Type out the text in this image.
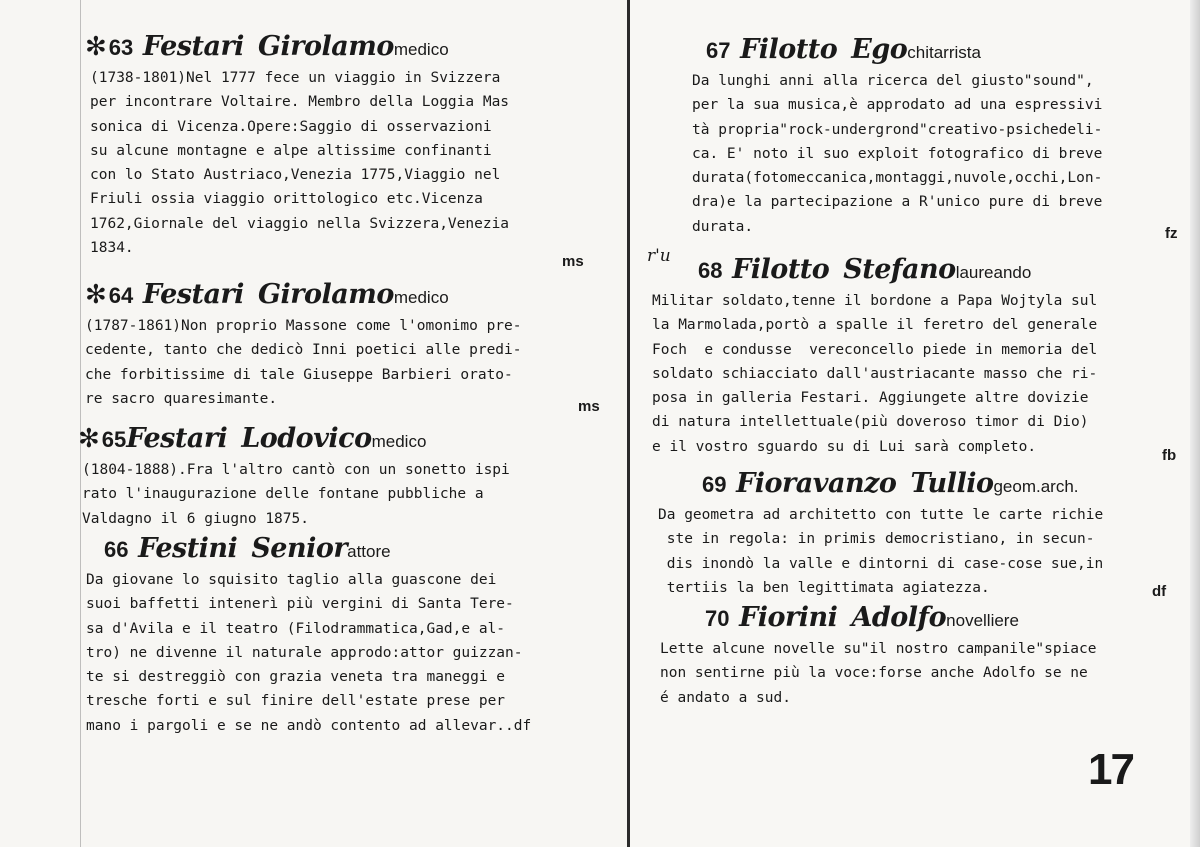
✻63 Festari Girolamomedico
(1738-1801)Nel 1777 fece un viaggio in Svizzera
per incontrare Voltaire. Membro della Loggia Mas
sonica di Vicenza.Opere:Saggio di osservazioni
su alcune montagne e alpe altissime confinanti
con lo Stato Austriaco,Venezia 1775,Viaggio nel
Friuli ossia viaggio orittologico etc.Vicenza
1762,Giornale del viaggio nella Svizzera,Venezia
1834.
ms
✻64 Festari Girolamomedico
(1787-1861)Non proprio Massone come l'omonimo pre-
cedente, tanto che dedicò Inni poetici alle predi-
che forbitissime di tale Giuseppe Barbieri orato-
re sacro quaresimante.	ms
✻65Festari Lodovicomedico
(1804-1888).Fra l'altro cantò con un sonetto ispi
rato l'inaugurazione delle fontane pubbliche a
Valdagno il 6 giugno 1875.
66 Festini Seniorattore
Da giovane lo squisito taglio alla guascone dei
suoi baffetti intenerì più vergini di Santa Tere-
sa d'Avila e il teatro (Filodrammatica,Gad,e al-
tro) ne divenne il naturale approdo:attor guizzan-
te si destreggiò con grazia veneta tra maneggi e
tresche forti e sul finire dell'estate prese per
mano i pargoli e se ne andò contento ad allevar..df
67 Filotto Egochitarrista
Da lunghi anni alla ricerca del giusto"sound",
per la sua musica,è approdato ad una espressivi
tà propria"rock-undergrond"creativo-psichedeli-
ca. E' noto il suo exploit fotografico di breve
durata(fotomeccanica,montaggi,nuvole,occhi,Lon-
dra)e la partecipazione a R'unico pure di breve
durata.	fz
r'u
68 Filotto Stefanolaureando
Militar soldato,tenne il bordone a Papa Wojtyla sul
la Marmolada,portò a spalle il feretro del generale
Foch  e condusse  vereconcello piede in memoria del
soldato schiacciato dall'austriacante masso che ri-
posa in galleria Festari. Aggiungete altre dovizie
di natura intellettuale(più doveroso timor di Dio)
e il vostro sguardo su di Lui sarà completo.
fb
69 Fioravanzo Tulliogeom.arch.
Da geometra ad architetto con tutte le carte richie
ste in regola: in primis democristiano, in secun-
dis inondò la valle e dintorni di case-cose sue,in
tertiis la ben legittimata agiatezza.	df
70 Fiorini Adolfonovelliere
Lette alcune novelle su"il nostro campanile"spiace
non sentirne più la voce:forse anche Adolfo se ne
é andato a sud.
17
